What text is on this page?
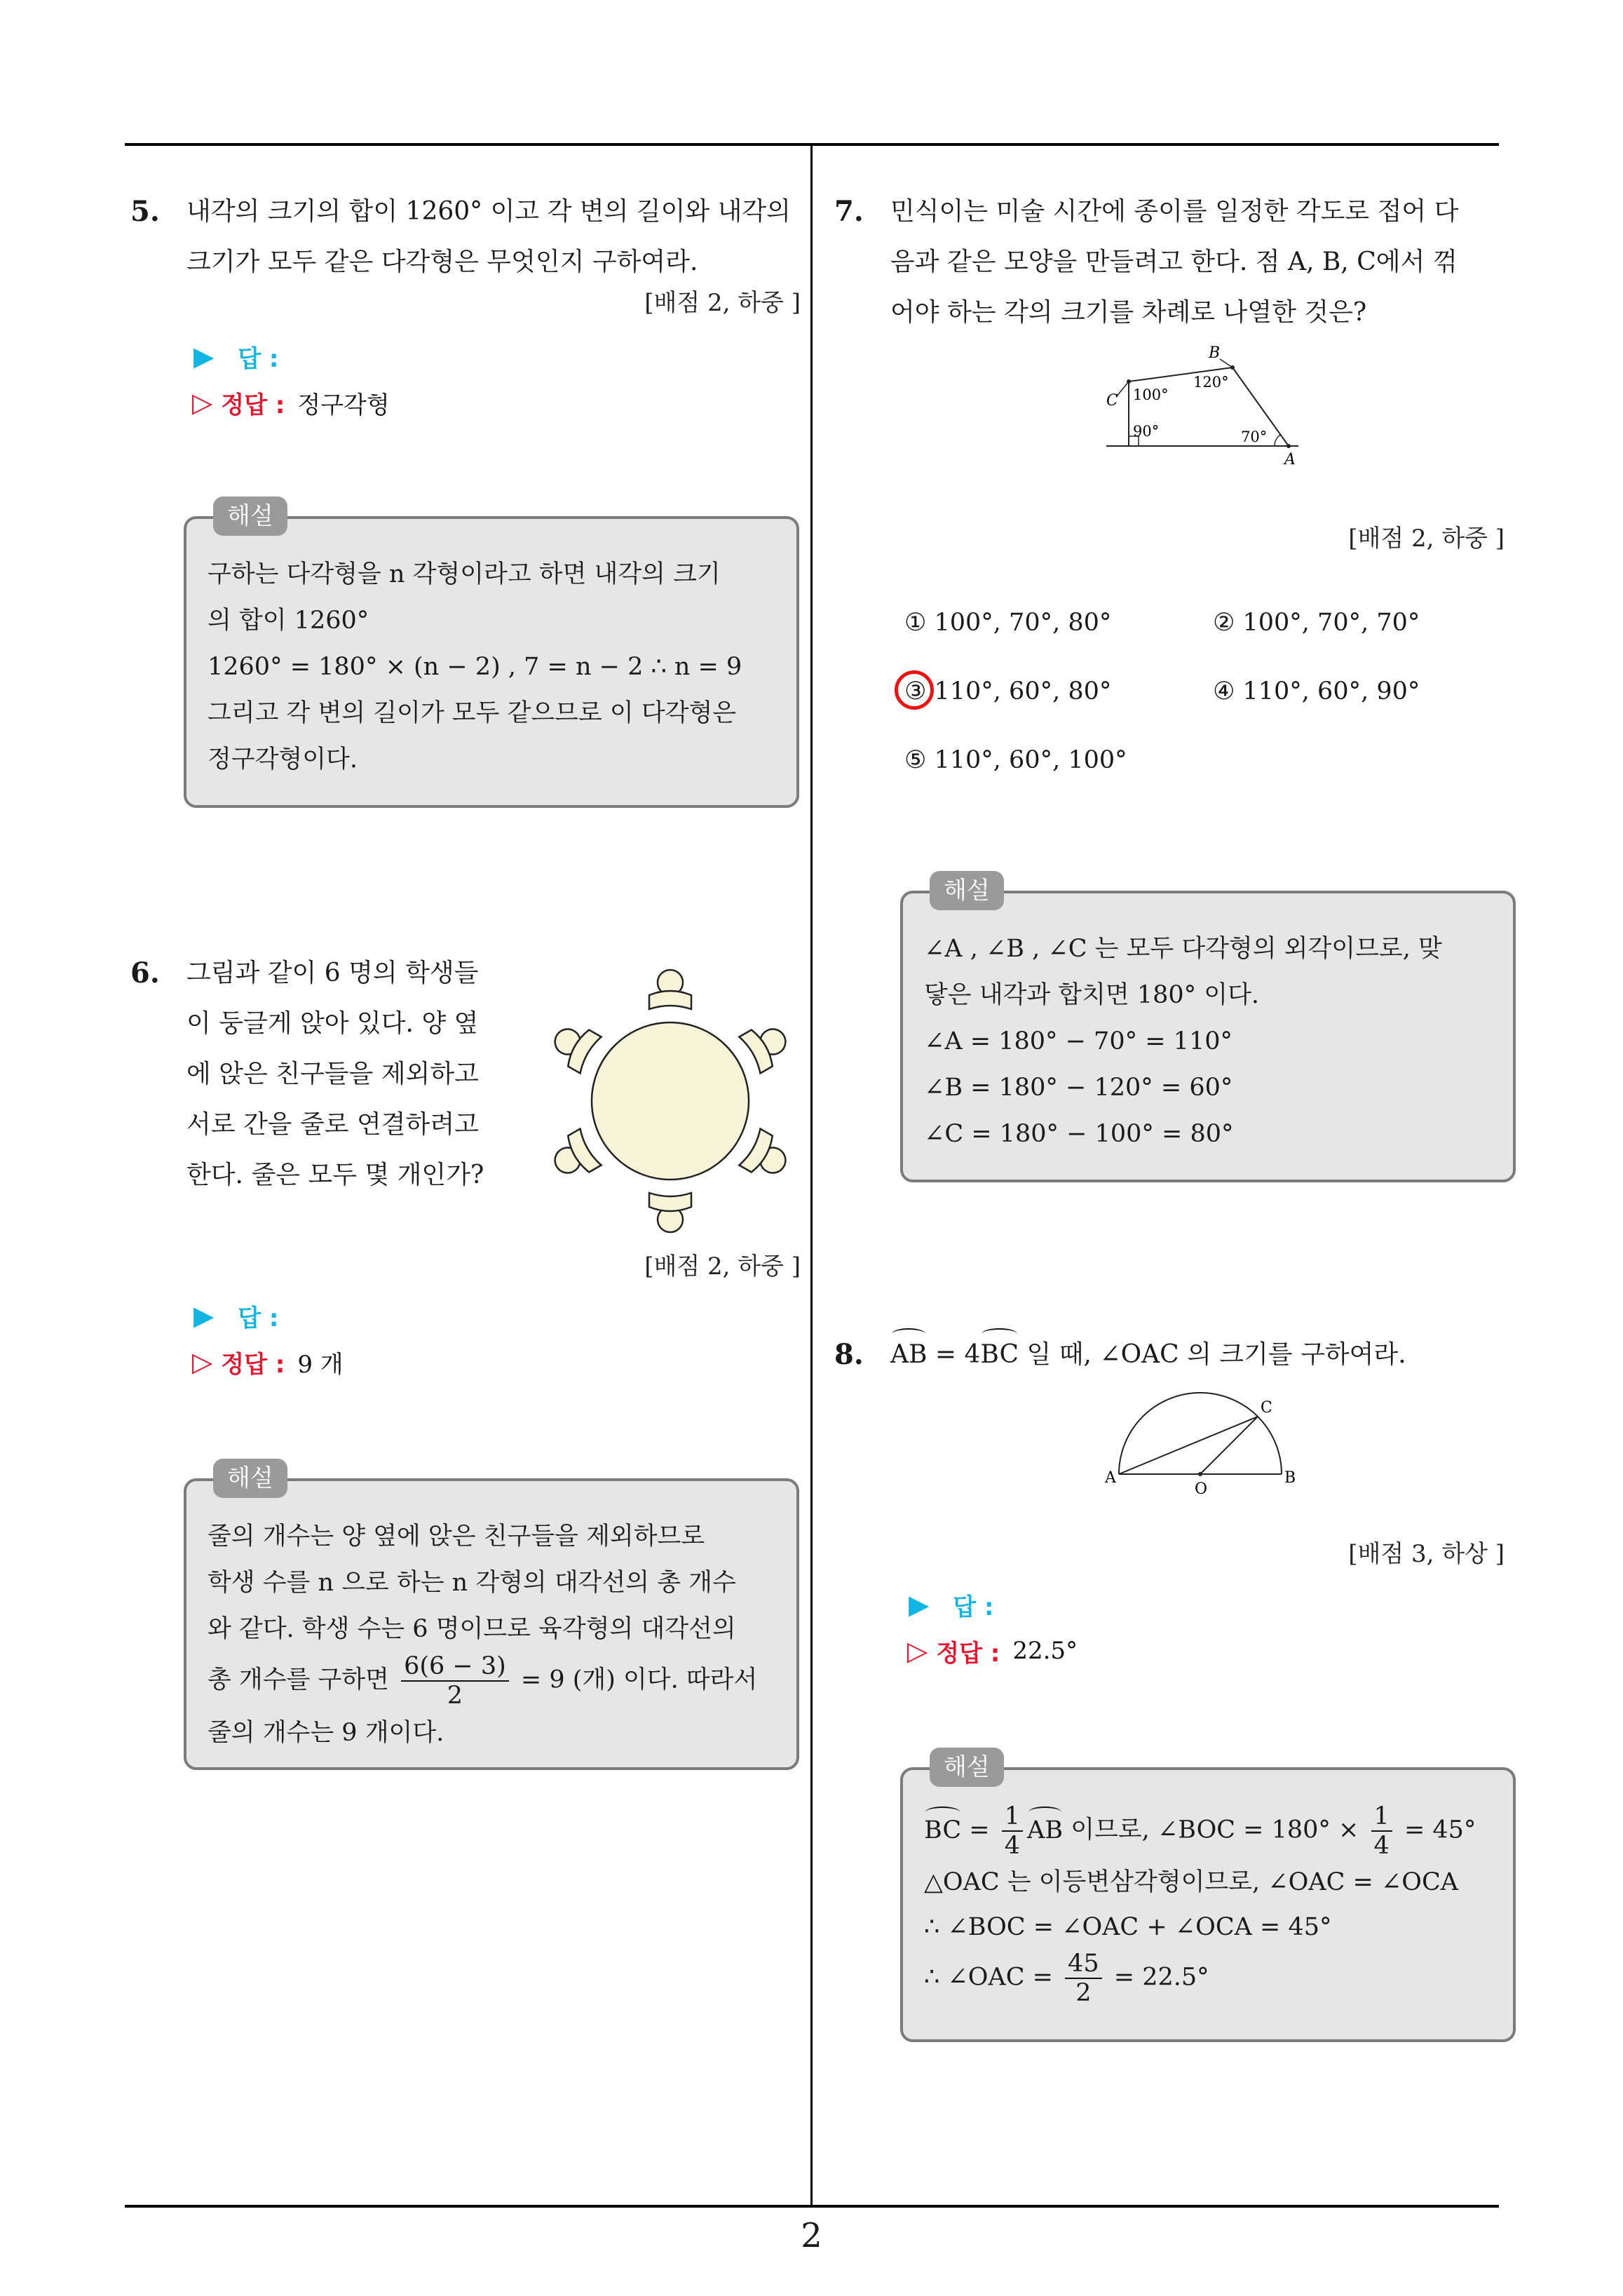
2
5. 내각의 크기의 합이 1260° 이고 각 변의 길이와 내각의
크기가 모두 같은 다각형은 무엇인지 구하여라.
[배점 2, 하중 ]
▶ 답 :
▷ 정답 : 정구각형
해설
구하는 다각형을 n 각형이라고 하면 내각의 크기
의 합이 1260°
1260° = 180° × (n − 2) , 7 = n − 2 ∴ n = 9
그리고 각 변의 길이가 모두 같으므로 이 다각형은
정구각형이다.
6. 그림과 같이 6 명의 학생들
이 둥글게 앉아 있다. 양 옆
에 앉은 친구들을 제외하고
서로 간을 줄로 연결하려고
한다. 줄은 모두 몇 개인가?
[배점 2, 하중 ]
▶ 답 :
▷ 정답 : 9 개
해설
줄의 개수는 양 옆에 앉은 친구들을 제외하므로
학생 수를 n 으로 하는 n 각형의 대각선의 총 개수
와 같다. 학생 수는 6 명이므로 육각형의 대각선의
총 개수를 구하면 $\frac{6(6 - 3)}{2} = 9$ (개) 이다. 따라서
줄의 개수는 9 개이다.
7. 민식이는 미술 시간에 종이를 일정한 각도로 접어 다
음과 같은 모양을 만들려고 한다. 점 A, B, C에서 꺾
어야 하는 각의 크기를 차례로 나열한 것은?
B
C
A
100°
120°
90°	70°
[배점 2, 하중 ]
① 100°, 70°, 80°	② 100°, 70°, 70°
③ 110°, 60°, 80°	④ 110°, 60°, 90°
⑤ 110°, 60°, 100°
해설
∠A , ∠B , ∠C 는 모두 다각형의 외각이므로, 맞
닿은 내각과 합치면 180° 이다.
∠A = 180° − 70° = 110°
∠B = 180° − 120° = 60°
∠C = 180° − 100° = 80°
8. AB = 4BC 일 때, ∠OAC 의 크기를 구하여라.
A
O
B
C
[배점 3, 하상 ]
▶ 답 :
▷ 정답 : 22.5°
해설
BC = $\frac{1}{4}$ AB 이므로, ∠BOC = $180^\circ \times \frac{1}{4} = 45^\circ$
△OAC 는 이등변삼각형이므로, ∠OAC = ∠OCA
∴ ∠BOC = ∠OAC + ∠OCA = 45°
∴ ∠OAC = $\frac{45}{2} = 22.5^\circ$
